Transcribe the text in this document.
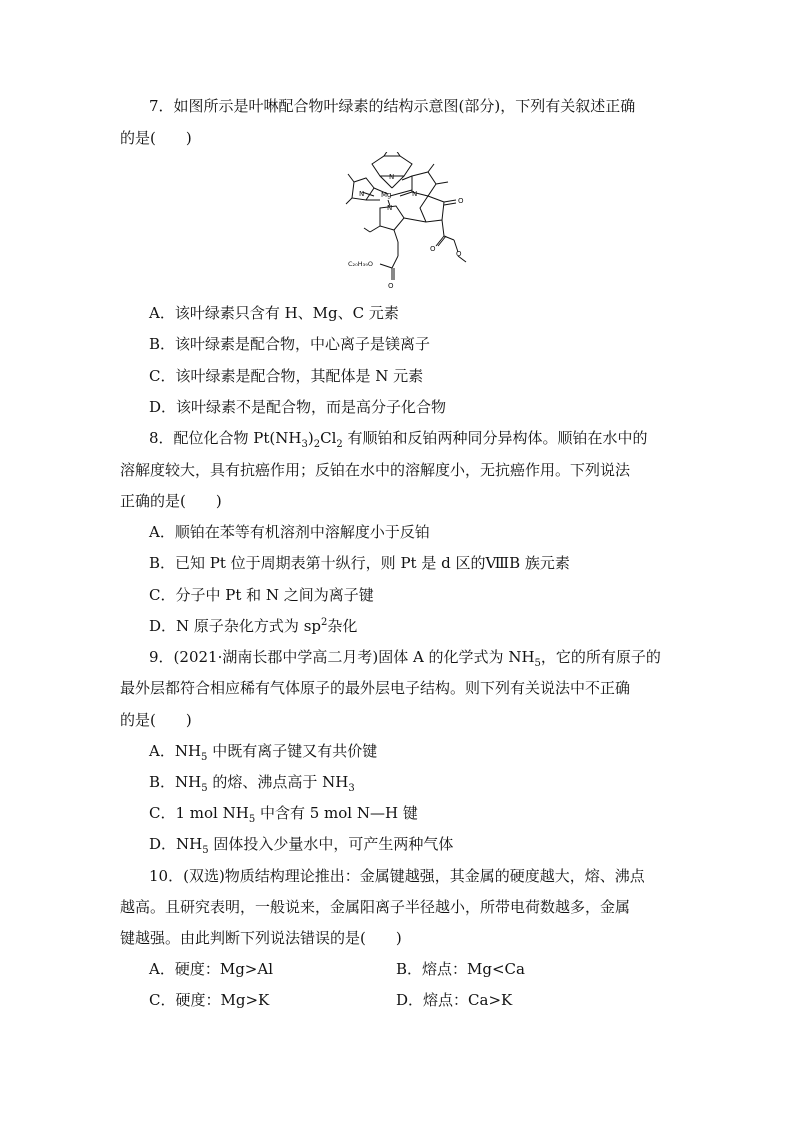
7．如图所示是叶啉配合物叶绿素的结构示意图(部分)，下列有关叙述正确
的是(　　)
Mg
N
N	N
N
O
O
O
O
C₂₀H₃₉O
A．该叶绿素只含有 H、Mg、C 元素
B．该叶绿素是配合物，中心离子是镁离子
C．该叶绿素是配合物，其配体是 N 元素
D．该叶绿素不是配合物，而是高分子化合物
8．配位化合物 $Pt(NH_3)_2Cl_2$ 有顺铂和反铂两种同分异构体。顺铂在水中的
溶解度较大，具有抗癌作用；反铂在水中的溶解度小，无抗癌作用。下列说法
正确的是(　　)
A．顺铂在苯等有机溶剂中溶解度小于反铂
B．已知 Pt 位于周期表第十纵行，则 Pt 是 d 区的ⅧB 族元素
C．分子中 Pt 和 N 之间为离子键
D．N 原子杂化方式为 $sp^2$杂化
9．(2021·湖南长郡中学高二月考)固体 A 的化学式为 $NH_5$，它的所有原子的
最外层都符合相应稀有气体原子的最外层电子结构。则下列有关说法中不正确
的是(　　)
A．$NH_5$ 中既有离子键又有共价键
B．$NH_5$ 的熔、沸点高于 $NH_3$
C．1 mol $NH_5$ 中含有 5 mol N—H 键
D．$NH_5$ 固体投入少量水中，可产生两种气体
10．(双选)物质结构理论推出：金属键越强，其金属的硬度越大，熔、沸点
越高。且研究表明，一般说来，金属阳离子半径越小，所带电荷数越多，金属
键越强。由此判断下列说法错误的是(　　)
A．硬度：Mg>Al	B．熔点：Mg<Ca
C．硬度：Mg>K	D．熔点：Ca>K
